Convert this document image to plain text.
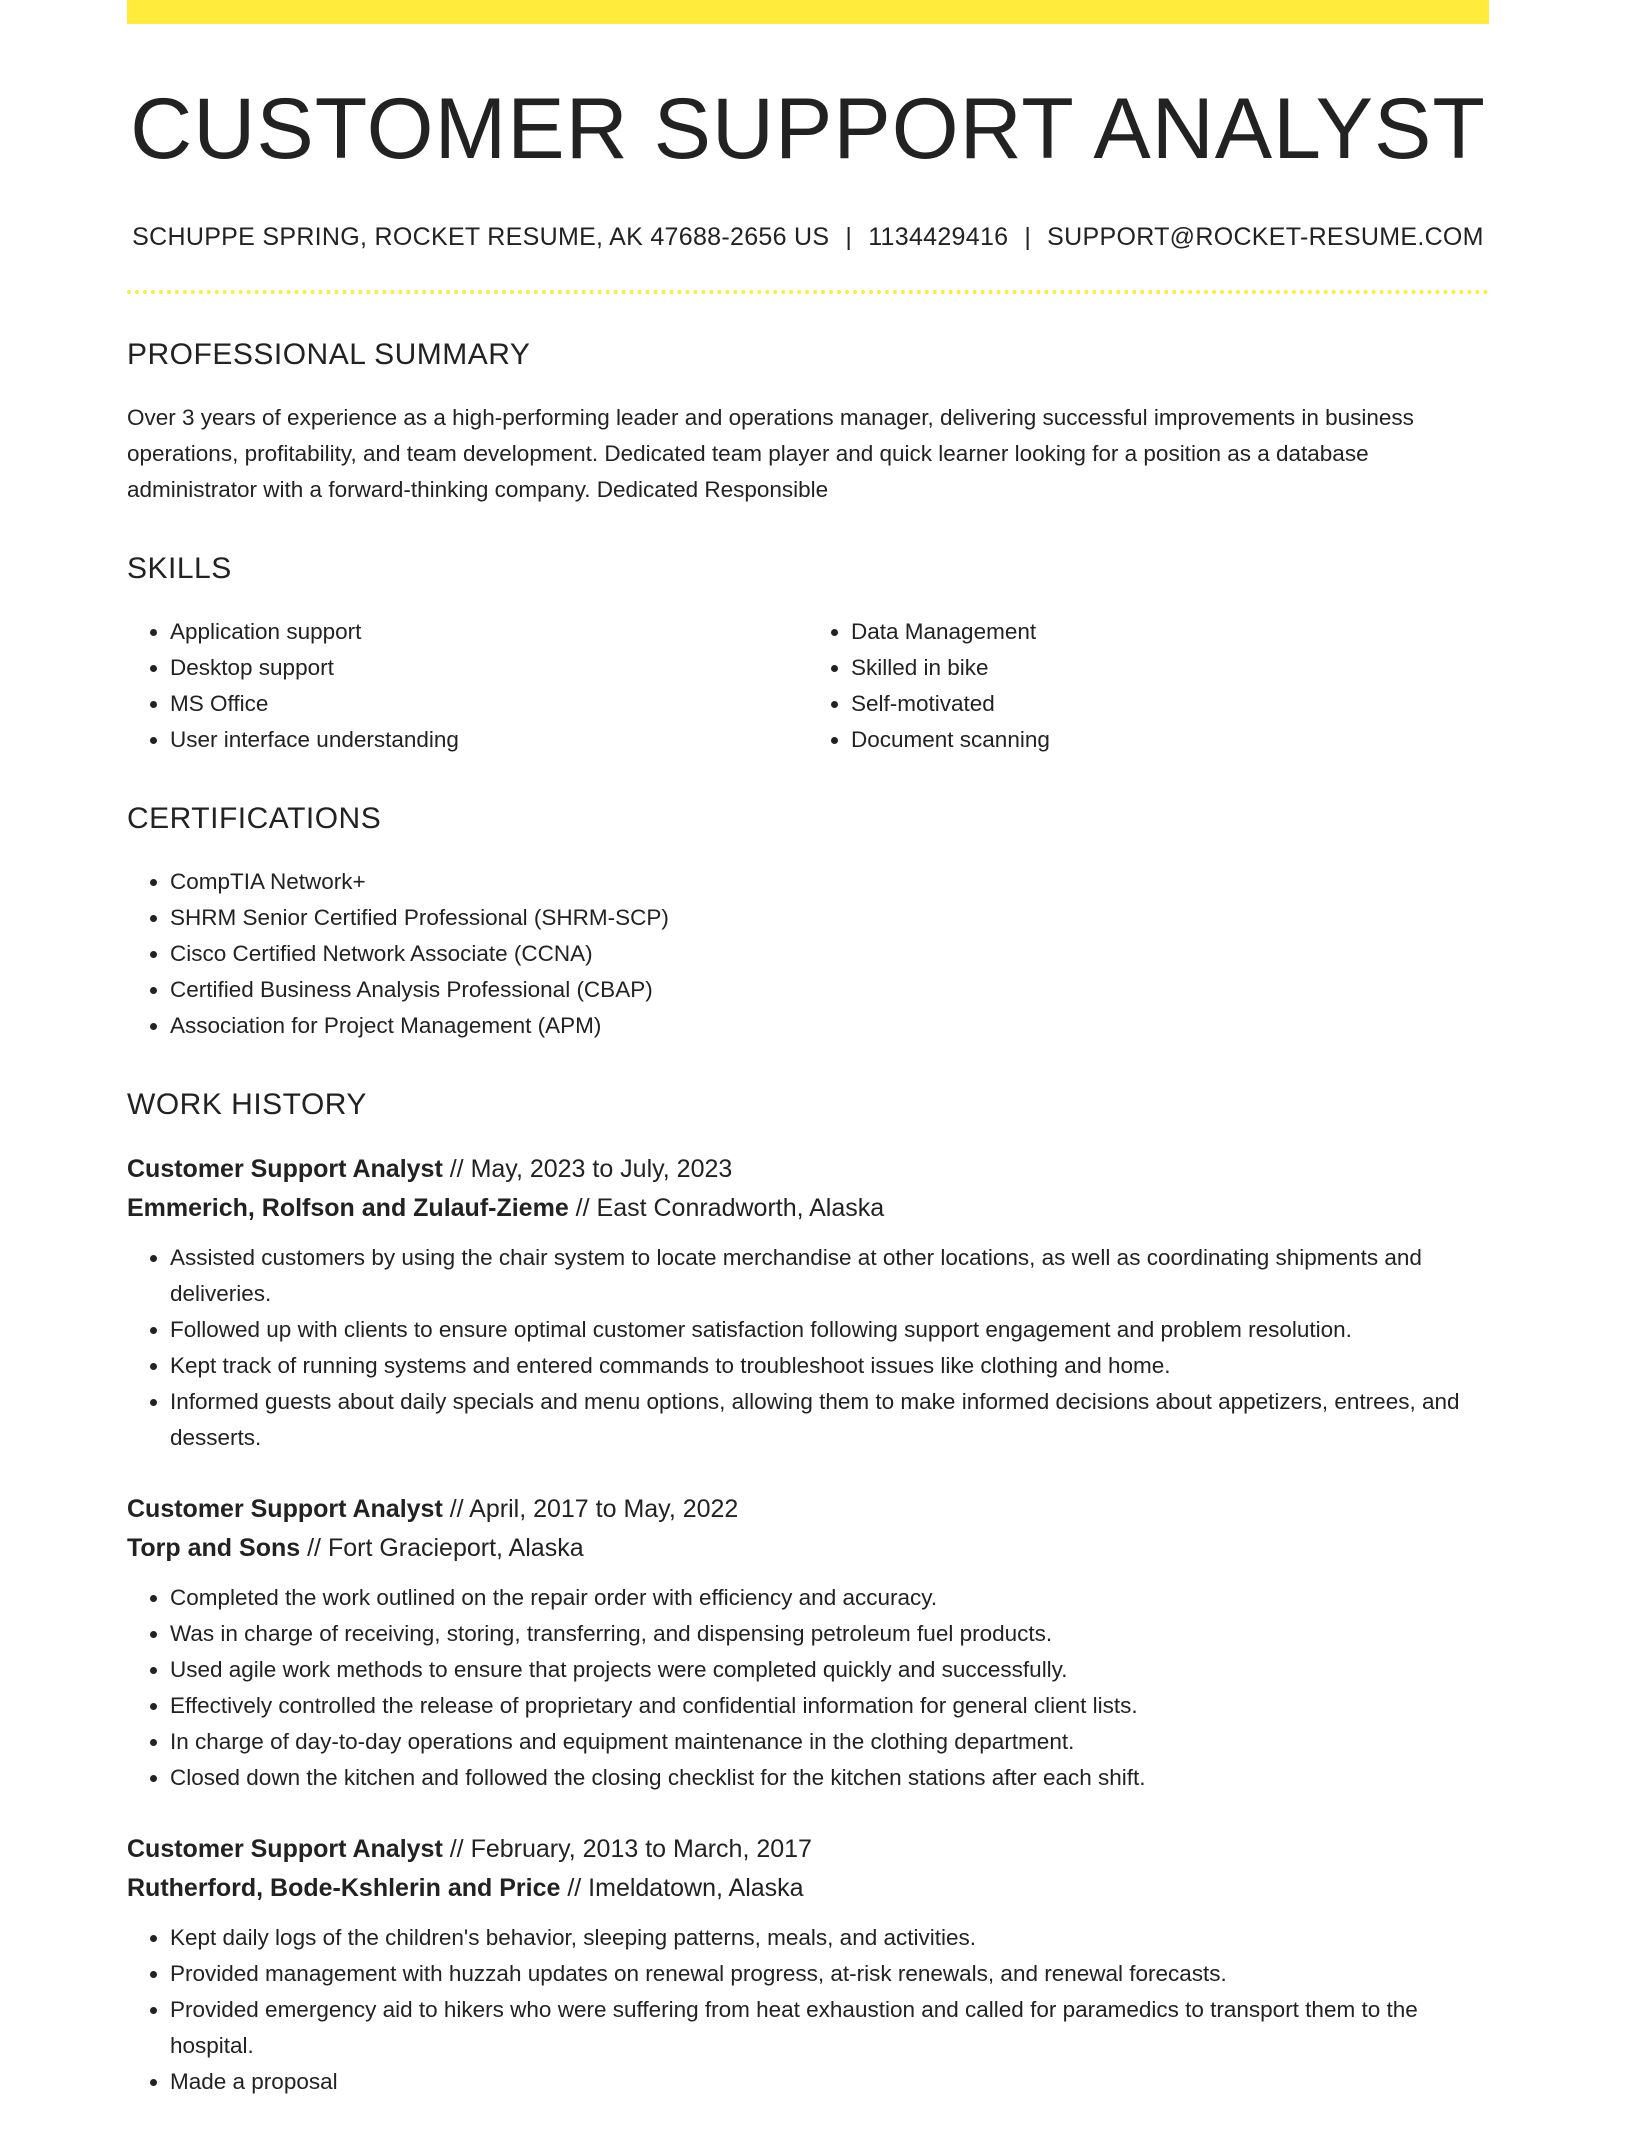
CUSTOMER SUPPORT ANALYST
SCHUPPE SPRING, ROCKET RESUME, AK 47688-2656 US | 1134429416 | SUPPORT@ROCKET-RESUME.COM
PROFESSIONAL SUMMARY

Over 3 years of experience as a high-performing leader and operations manager, delivering successful improvements in business operations, profitability, and team development. Dedicated team player and quick learner looking for a position as a database administrator with a forward-thinking company. Dedicated Responsible

SKILLS
• Application support
• Desktop support
• MS Office
• User interface understanding
• Data Management
• Skilled in bike
• Self-motivated
• Document scanning
CERTIFICATIONS
• CompTIA Network+
• SHRM Senior Certified Professional (SHRM-SCP)
• Cisco Certified Network Associate (CCNA)
• Certified Business Analysis Professional (CBAP)
• Association for Project Management (APM)
WORK HISTORY
Customer Support Analyst // May, 2023 to July, 2023
Emmerich, Rolfson and Zulauf-Zieme // East Conradworth, Alaska
• Assisted customers by using the chair system to locate merchandise at other locations, as well as coordinating shipments and deliveries.
• Followed up with clients to ensure optimal customer satisfaction following support engagement and problem resolution.
• Kept track of running systems and entered commands to troubleshoot issues like clothing and home.
• Informed guests about daily specials and menu options, allowing them to make informed decisions about appetizers, entrees, and desserts.
Customer Support Analyst // April, 2017 to May, 2022
Torp and Sons // Fort Gracieport, Alaska
• Completed the work outlined on the repair order with efficiency and accuracy.
• Was in charge of receiving, storing, transferring, and dispensing petroleum fuel products.
• Used agile work methods to ensure that projects were completed quickly and successfully.
• Effectively controlled the release of proprietary and confidential information for general client lists.
• In charge of day-to-day operations and equipment maintenance in the clothing department.
• Closed down the kitchen and followed the closing checklist for the kitchen stations after each shift.
Customer Support Analyst // February, 2013 to March, 2017
Rutherford, Bode-Kshlerin and Price // Imeldatown, Alaska
• Kept daily logs of the children's behavior, sleeping patterns, meals, and activities.
• Provided management with huzzah updates on renewal progress, at-risk renewals, and renewal forecasts.
• Provided emergency aid to hikers who were suffering from heat exhaustion and called for paramedics to transport them to the hospital.
• Made a proposal
